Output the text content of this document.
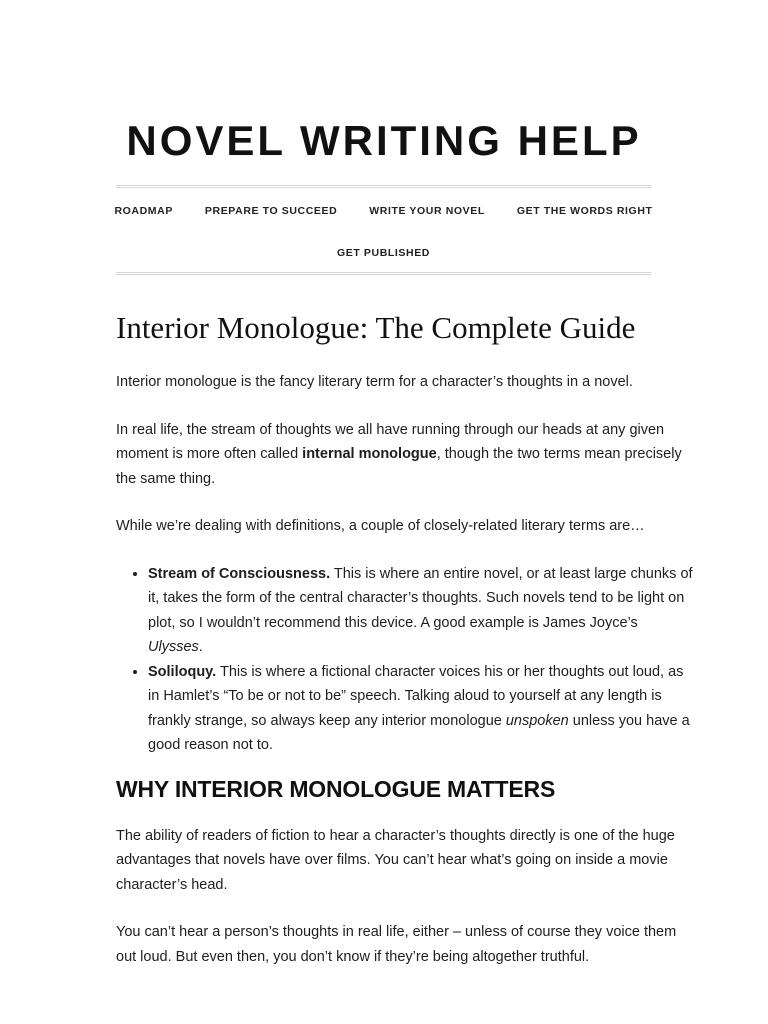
NOVEL WRITING HELP
ROADMAP	PREPARE TO SUCCEED	WRITE YOUR NOVEL	GET THE WORDS RIGHT
GET PUBLISHED
Interior Monologue: The Complete Guide

Interior monologue is the fancy literary term for a character’s thoughts in a novel.

In real life, the stream of thoughts we all have running through our heads at any given moment is more often called internal monologue, though the two terms mean precisely the same thing.

While we’re dealing with definitions, a couple of closely-related literary terms are…

• Stream of Consciousness. This is where an entire novel, or at least large chunks of it, takes the form of the central character’s thoughts. Such novels tend to be light on plot, so I wouldn’t recommend this device. A good example is James Joyce’s Ulysses.
• Soliloquy. This is where a fictional character voices his or her thoughts out loud, as in Hamlet’s “To be or not to be” speech. Talking aloud to yourself at any length is frankly strange, so always keep any interior monologue unspoken unless you have a good reason not to.
WHY INTERIOR MONOLOGUE MATTERS

The ability of readers of fiction to hear a character’s thoughts directly is one of the huge advantages that novels have over films. You can’t hear what’s going on inside a movie character’s head.

You can’t hear a person’s thoughts in real life, either – unless of course they voice them out loud. But even then, you don’t know if they’re being altogether truthful.
